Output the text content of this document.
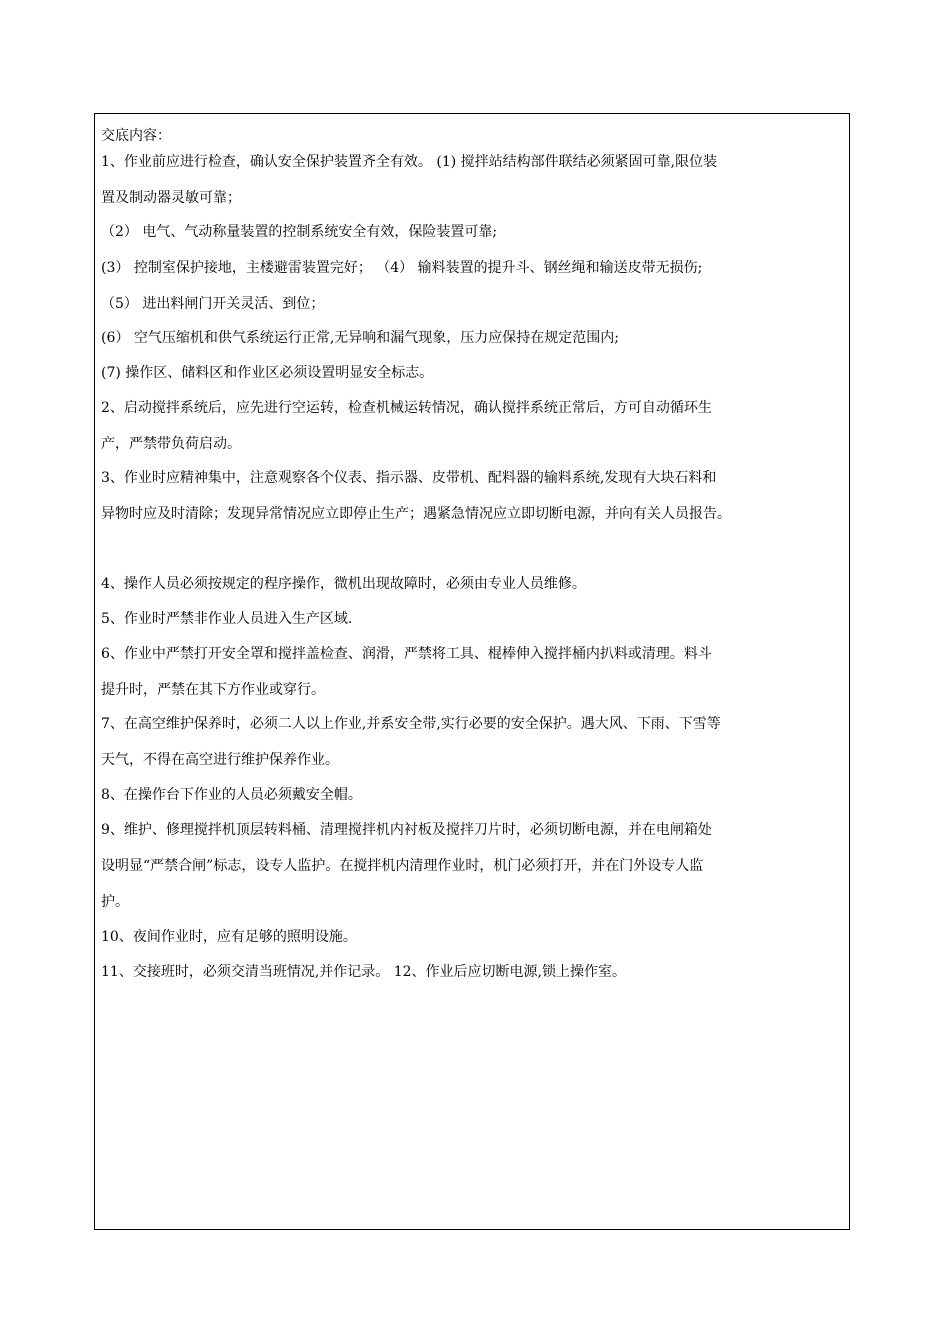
交底内容：
1、作业前应进行检查，确认安全保护装置齐全有效。 (1) 搅拌站结构部件联结必须紧固可靠,限位装
置及制动器灵敏可靠；
（2） 电气、气动称量装置的控制系统安全有效，保险装置可靠;
(3） 控制室保护接地，主楼避雷装置完好； （4） 输料装置的提升斗、钢丝绳和输送皮带无损伤;
（5） 进出料闸门开关灵活、到位；
(6） 空气压缩机和供气系统运行正常,无异响和漏气现象，压力应保持在规定范围内;
(7) 操作区、储料区和作业区必须设置明显安全标志。
2、启动搅拌系统后，应先进行空运转，检查机械运转情况，确认搅拌系统正常后，方可自动循环生
产，严禁带负荷启动。
3、作业时应精神集中，注意观察各个仪表、指示器、皮带机、配料器的输料系统,发现有大块石料和
异物时应及时清除；发现异常情况应立即停止生产；遇紧急情况应立即切断电源，并向有关人员报告。
4、操作人员必须按规定的程序操作，微机出现故障时，必须由专业人员维修。
5、作业时严禁非作业人员进入生产区域.
6、作业中严禁打开安全罩和搅拌盖检查、润滑，严禁将工具、棍棒伸入搅拌桶内扒料或清理。料斗
提升时，严禁在其下方作业或穿行。
7、在高空维护保养时，必须二人以上作业,并系安全带,实行必要的安全保护。遇大风、下雨、下雪等
天气，不得在高空进行维护保养作业。
8、在操作台下作业的人员必须戴安全帽。
9、维护、修理搅拌机顶层转料桶、清理搅拌机内衬板及搅拌刀片时，必须切断电源，并在电闸箱处
设明显“严禁合闸”标志，设专人监护。在搅拌机内清理作业时，机门必须打开，并在门外设专人监
护。
10、夜间作业时，应有足够的照明设施。
11、交接班时，必须交清当班情况,并作记录。 12、作业后应切断电源,锁上操作室。
